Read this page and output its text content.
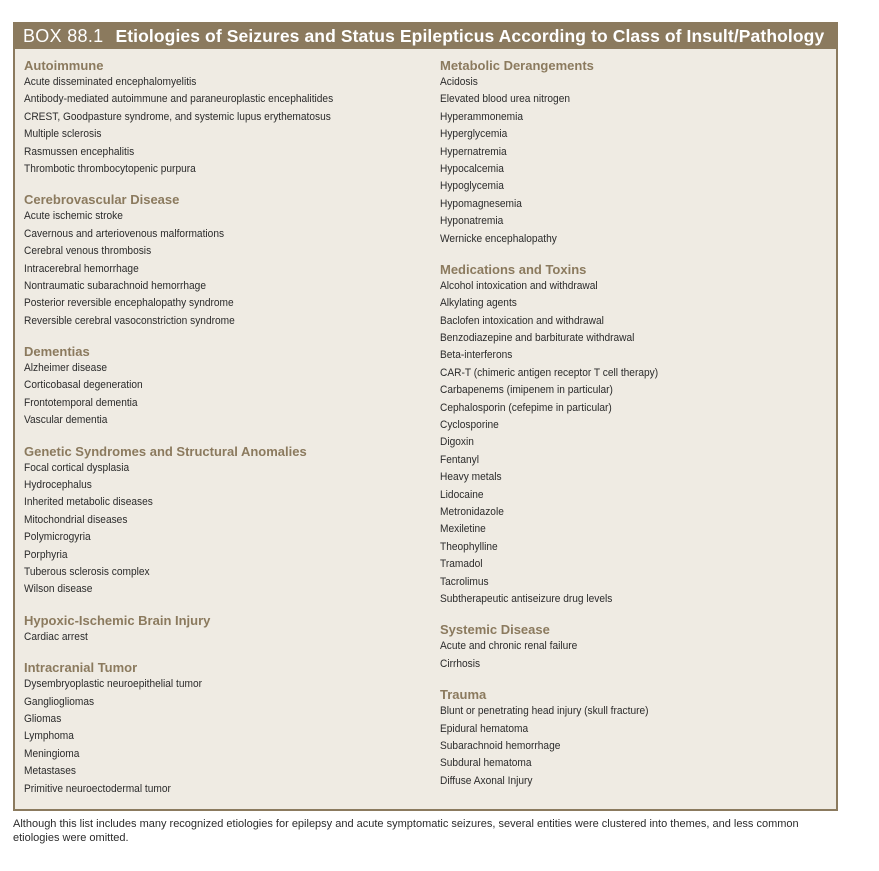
BOX 88.1 Etiologies of Seizures and Status Epilepticus According to Class of Insult/Pathology
Autoimmune
Acute disseminated encephalomyelitis
Antibody-mediated autoimmune and paraneuroplastic encephalitides
CREST, Goodpasture syndrome, and systemic lupus erythematosus
Multiple sclerosis
Rasmussen encephalitis
Thrombotic thrombocytopenic purpura
Cerebrovascular Disease
Acute ischemic stroke
Cavernous and arteriovenous malformations
Cerebral venous thrombosis
Intracerebral hemorrhage
Nontraumatic subarachnoid hemorrhage
Posterior reversible encephalopathy syndrome
Reversible cerebral vasoconstriction syndrome
Dementias
Alzheimer disease
Corticobasal degeneration
Frontotemporal dementia
Vascular dementia
Genetic Syndromes and Structural Anomalies
Focal cortical dysplasia
Hydrocephalus
Inherited metabolic diseases
Mitochondrial diseases
Polymicrogyria
Porphyria
Tuberous sclerosis complex
Wilson disease
Hypoxic-Ischemic Brain Injury
Cardiac arrest
Intracranial Tumor
Dysembryoplastic neuroepithelial tumor
Gangliogliomas
Gliomas
Lymphoma
Meningioma
Metastases
Primitive neuroectodermal tumor
Metabolic Derangements
Acidosis
Elevated blood urea nitrogen
Hyperammonemia
Hyperglycemia
Hypernatremia
Hypocalcemia
Hypoglycemia
Hypomagnesemia
Hyponatremia
Wernicke encephalopathy
Medications and Toxins
Alcohol intoxication and withdrawal
Alkylating agents
Baclofen intoxication and withdrawal
Benzodiazepine and barbiturate withdrawal
Beta-interferons
CAR-T (chimeric antigen receptor T cell therapy)
Carbapenems (imipenem in particular)
Cephalosporin (cefepime in particular)
Cyclosporine
Digoxin
Fentanyl
Heavy metals
Lidocaine
Metronidazole
Mexiletine
Theophylline
Tramadol
Tacrolimus
Subtherapeutic antiseizure drug levels
Systemic Disease
Acute and chronic renal failure
Cirrhosis
Trauma
Blunt or penetrating head injury (skull fracture)
Epidural hematoma
Subarachnoid hemorrhage
Subdural hematoma
Diffuse Axonal Injury
Although this list includes many recognized etiologies for epilepsy and acute symptomatic seizures, several entities were clustered into themes, and less common etiologies were omitted.
